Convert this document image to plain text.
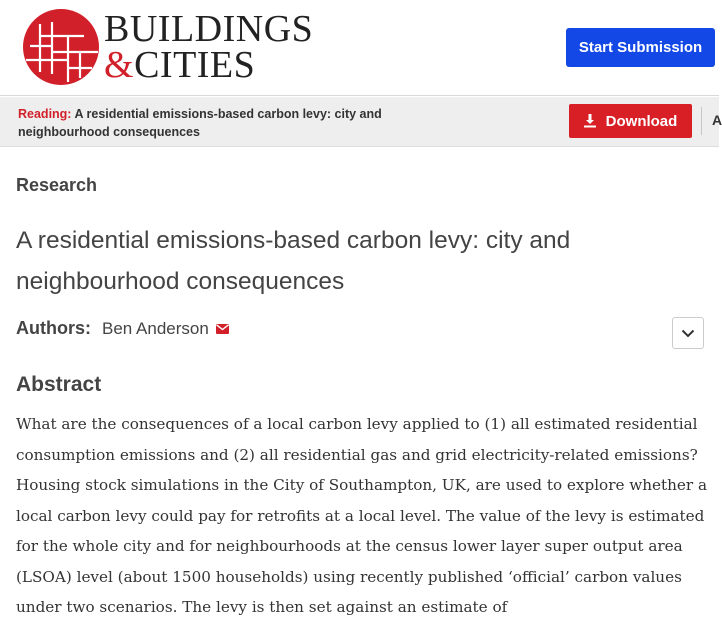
BUILDINGS
&CITIES	Start Submission
Reading: A residential emissions-based carbon levy: city and neighbourhood consequences
Download A
Research
A residential emissions-based carbon levy: city and neighbourhood consequences
Authors: Ben Anderson
Abstract

What are the consequences of a local carbon levy applied to (1) all estimated residential consumption emissions and (2) all residential gas and grid electricity-related emissions? Housing stock simulations in the City of Southampton, UK, are used to explore whether a local carbon levy could pay for retrofits at a local level. The value of the levy is estimated for the whole city and for neighbourhoods at the census lower layer super output area (LSOA) level (about 1500 households) using recently published ‘official’ carbon values under two scenarios. The levy is then set against an estimate of
